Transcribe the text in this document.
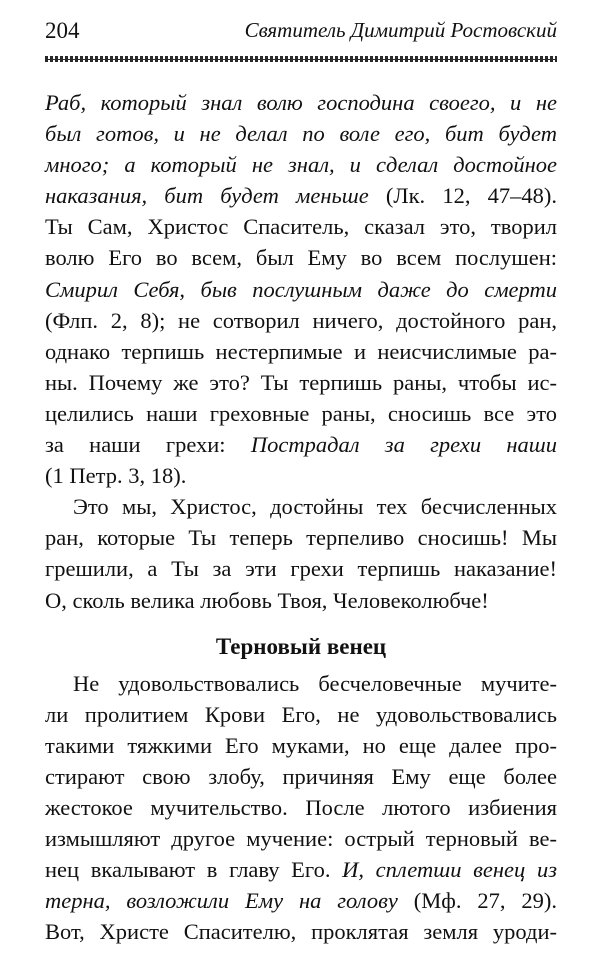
204	Святитель Димитрий Ростовский
Раб, который знал волю господина своего, и не
был готов, и не делал по воле его, бит будет
много; а который не знал, и сделал достойное
наказания, бит будет меньше (Лк. 12, 47–48).
Ты Сам, Христос Спаситель, сказал это, творил
волю Его во всем, был Ему во всем послушен:
Смирил Себя, быв послушным даже до смерти
(Флп. 2, 8); не сотворил ничего, достойного ран,
однако терпишь нестерпимые и неисчислимые ра-
ны. Почему же это? Ты терпишь раны, чтобы ис-
целились наши греховные раны, сносишь все это
за наши грехи: Пострадал за грехи наши
(1 Петр. 3, 18).
Это мы, Христос, достойны тех бесчисленных
ран, которые Ты теперь терпеливо сносишь! Мы
грешили, а Ты за эти грехи терпишь наказание!
О, сколь велика любовь Твоя, Человеколюбче!
Терновый венец
Не удовольствовались бесчеловечные мучите-
ли пролитием Крови Его, не удовольствовались
такими тяжкими Его муками, но еще далее про-
стирают свою злобу, причиняя Ему еще более
жестокое мучительство. После лютого избиения
измышляют другое мучение: острый терновый ве-
нец вкалывают в главу Его. И, сплетши венец из
терна, возложили Ему на голову (Мф. 27, 29).
Вот, Христе Спасителю, проклятая земля уроди-
